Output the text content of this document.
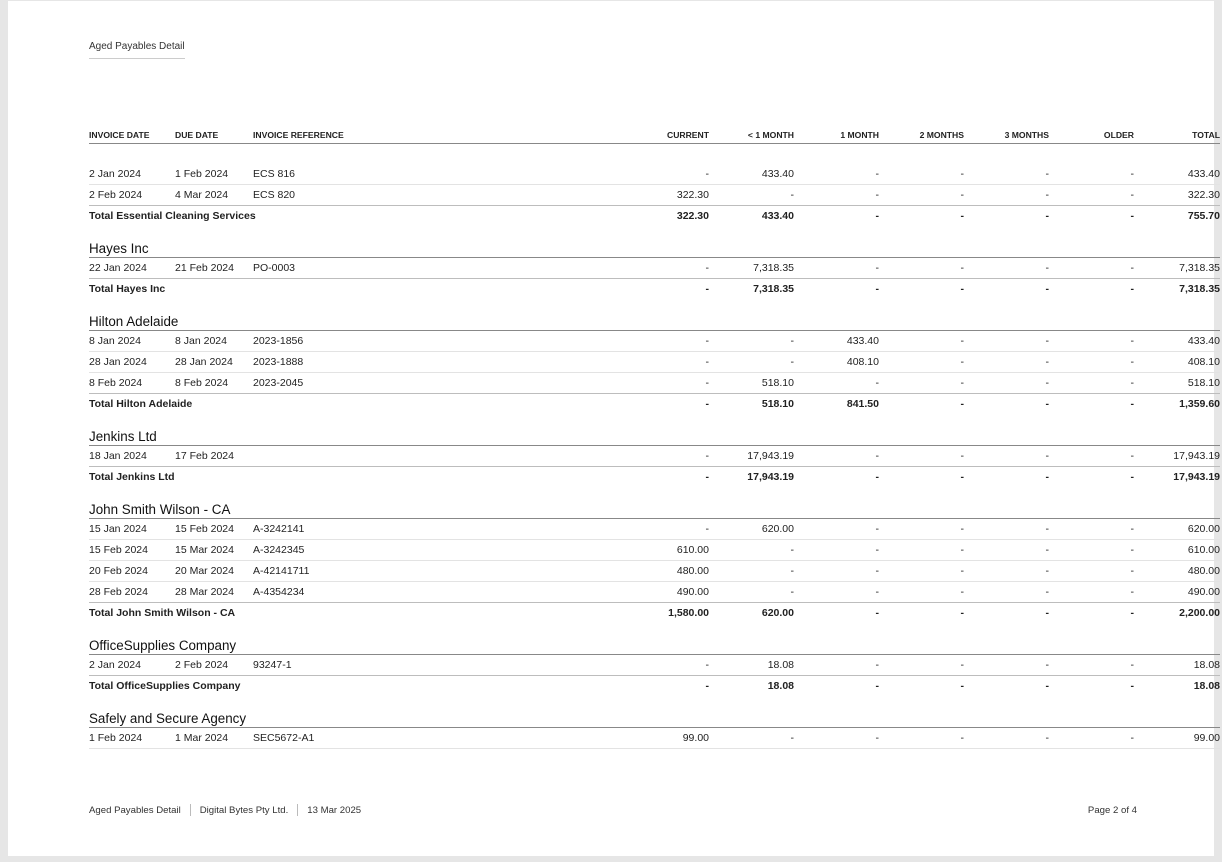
Aged Payables Detail
INVOICE DATE	DUE DATE	INVOICE REFERENCE		CURRENT	< 1 MONTH	1 MONTH	2 MONTHS	3 MONTHS	OLDER	TOTAL

2 Jan 2024	1 Feb 2024	ECS 816		-	433.40	-	-	-	-	433.40
2 Feb 2024	4 Mar 2024	ECS 820		322.30	-	-	-	-	-	322.30
Total Essential Cleaning Services				322.30	433.40	-	-	-	-	755.70

Hayes Inc										
22 Jan 2024	21 Feb 2024	PO-0003		-	7,318.35	-	-	-	-	7,318.35
Total Hayes Inc				-	7,318.35	-	-	-	-	7,318.35

Hilton Adelaide										
8 Jan 2024	8 Jan 2024	2023-1856		-	-	433.40	-	-	-	433.40
28 Jan 2024	28 Jan 2024	2023-1888		-	-	408.10	-	-	-	408.10
8 Feb 2024	8 Feb 2024	2023-2045		-	518.10	-	-	-	-	518.10
Total Hilton Adelaide				-	518.10	841.50	-	-	-	1,359.60

Jenkins Ltd										
18 Jan 2024	17 Feb 2024			-	17,943.19	-	-	-	-	17,943.19
Total Jenkins Ltd				-	17,943.19	-	-	-	-	17,943.19

John Smith Wilson - CA										
15 Jan 2024	15 Feb 2024	A-3242141		-	620.00	-	-	-	-	620.00
15 Feb 2024	15 Mar 2024	A-3242345		610.00	-	-	-	-	-	610.00
20 Feb 2024	20 Mar 2024	A-42141711		480.00	-	-	-	-	-	480.00
28 Feb 2024	28 Mar 2024	A-4354234		490.00	-	-	-	-	-	490.00
Total John Smith Wilson - CA				1,580.00	620.00	-	-	-	-	2,200.00

OfficeSupplies Company										
2 Jan 2024	2 Feb 2024	93247-1		-	18.08	-	-	-	-	18.08
Total OfficeSupplies Company				-	18.08	-	-	-	-	18.08

Safely and Secure Agency										
1 Feb 2024	1 Mar 2024	SEC5672-A1		99.00	-	-	-	-	-	99.00
Aged Payables Detail Digital Bytes Pty Ltd. 13 Mar 2025	Page 2 of 4
